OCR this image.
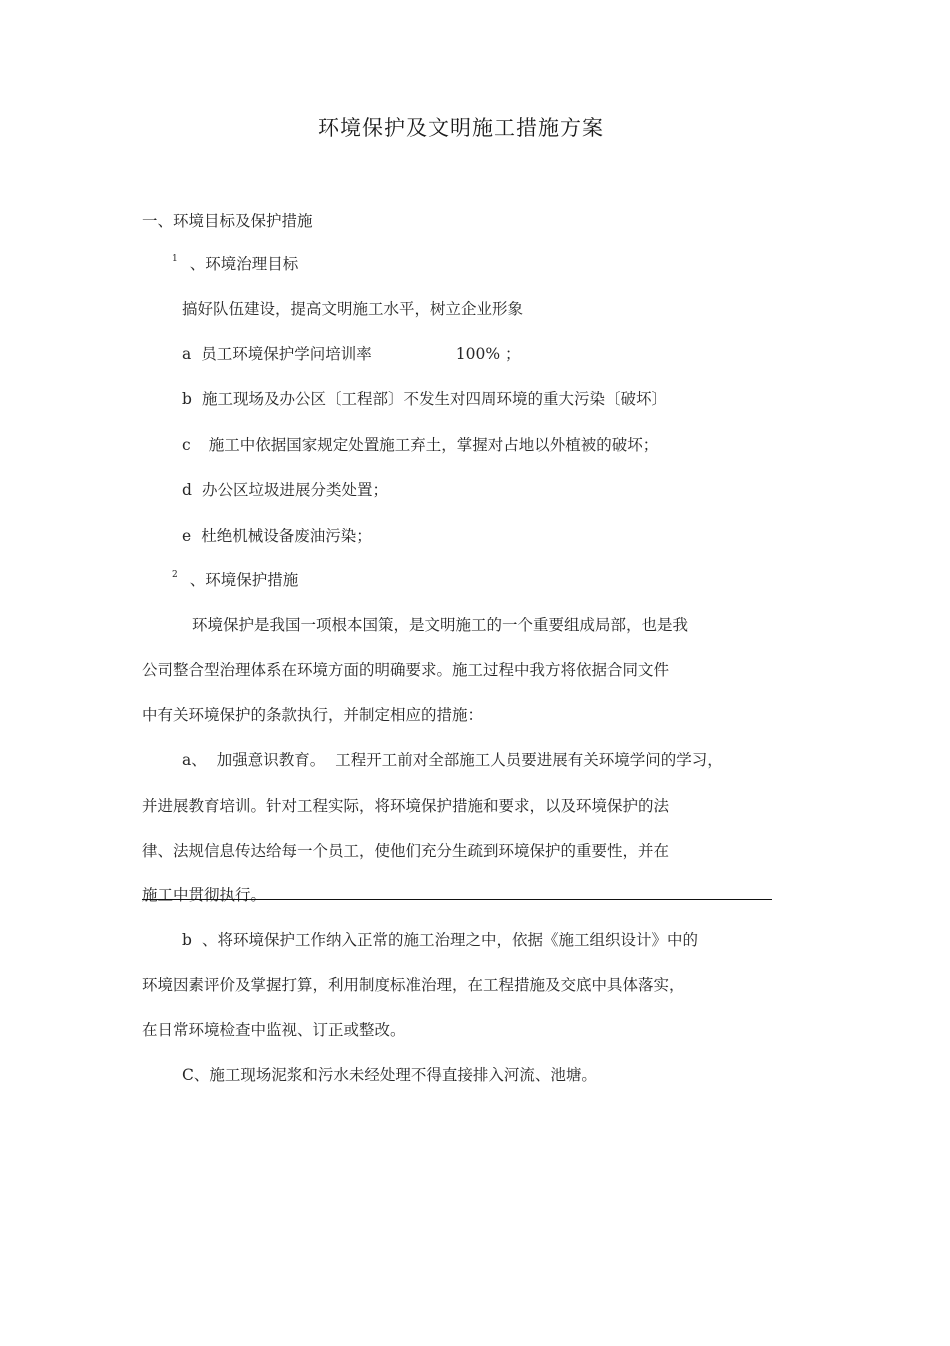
环境保护及文明施工措施方案
一、环境目标及保护措施
$^1$ 、环境治理目标
搞好队伍建设，提高文明施工水平，树立企业形象
a 员工环境保护学问培训率	100% ；
b 施工现场及办公区〔工程部〕不发生对四周环境的重大污染〔破坏〕
c 施工中依据国家规定处置施工弃土，掌握对占地以外植被的破坏；
d 办公区垃圾进展分类处置；
e 杜绝机械设备废油污染；
$^2$ 、环境保护措施
环境保护是我国一项根本国策，是文明施工的一个重要组成局部，也是我
公司整合型治理体系在环境方面的明确要求。施工过程中我方将依据合同文件
中有关环境保护的条款执行，并制定相应的措施：
a、 加强意识教育。 工程开工前对全部施工人员要进展有关环境学问的学习，
并进展教育培训。针对工程实际，将环境保护措施和要求，以及环境保护的法
律、法规信息传达给每一个员工，使他们充分生疏到环境保护的重要性，并在
施工中贯彻执行。
b 、将环境保护工作纳入正常的施工治理之中，依据《施工组织设计》中的
环境因素评价及掌握打算，利用制度标准治理，在工程措施及交底中具体落实，
在日常环境检查中监视、订正或整改。
C、施工现场泥浆和污水未经处理不得直接排入河流、池塘。
